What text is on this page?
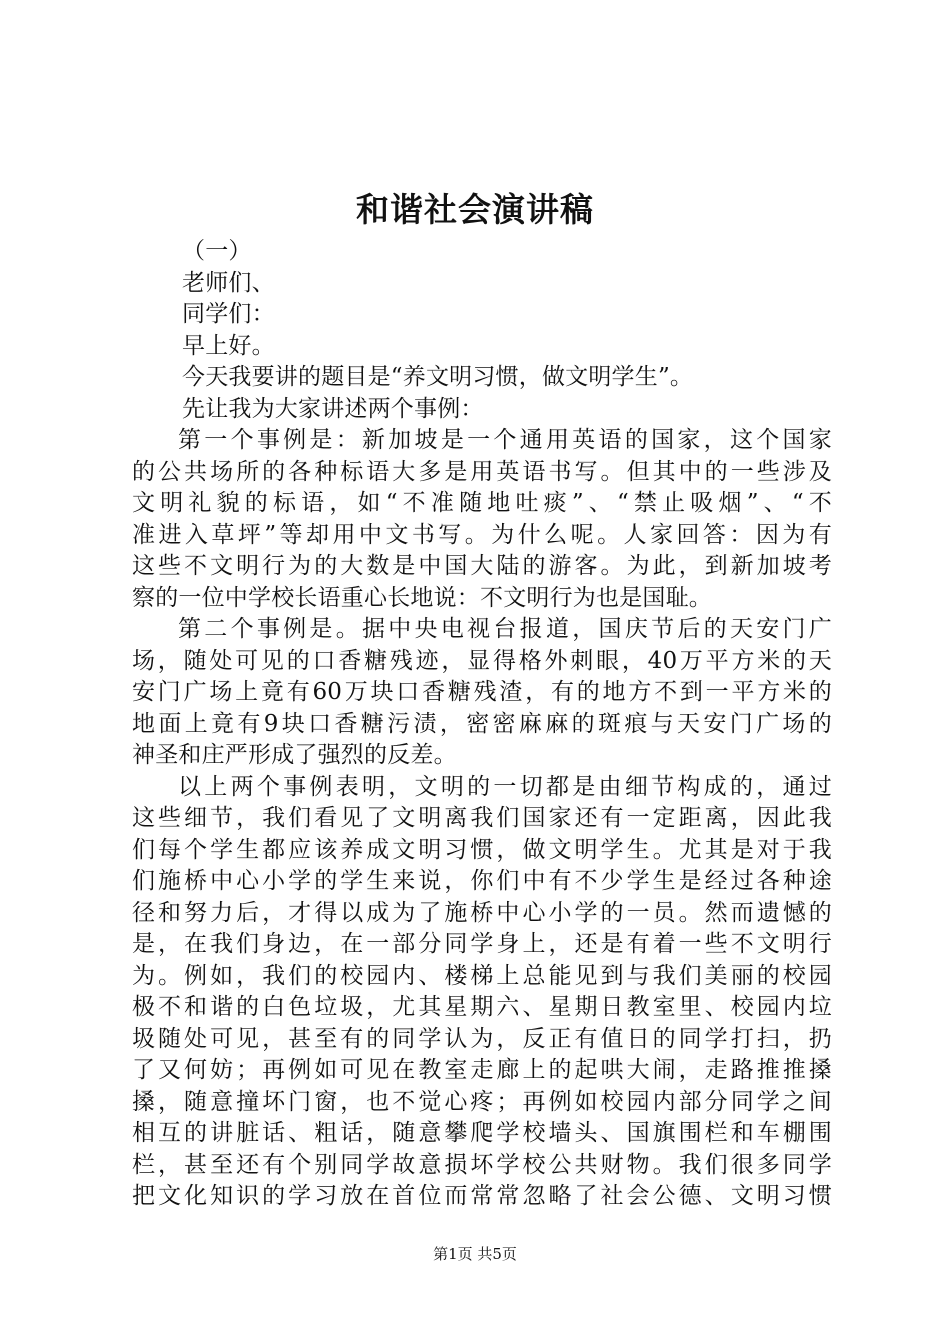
和谐社会演讲稿
（一）
老师们、
同学们：
早上好。
今天我要讲的题目是“养文明习惯，做文明学生”。
先让我为大家讲述两个事例：
第一个事例是：新加坡是一个通用英语的国家，这个国家
的公共场所的各种标语大多是用英语书写。但其中的一些涉及
文明礼貌的标语，如“不准随地吐痰”、“禁止吸烟”、“不
准进入草坪”等却用中文书写。为什么呢。人家回答：因为有
这些不文明行为的大数是中国大陆的游客。为此，到新加坡考
察的一位中学校长语重心长地说：不文明行为也是国耻。
第二个事例是。据中央电视台报道，国庆节后的天安门广
场，随处可见的口香糖残迹，显得格外刺眼，40万平方米的天
安门广场上竟有60万块口香糖残渣，有的地方不到一平方米的
地面上竟有9块口香糖污渍，密密麻麻的斑痕与天安门广场的
神圣和庄严形成了强烈的反差。
以上两个事例表明，文明的一切都是由细节构成的，通过
这些细节，我们看见了文明离我们国家还有一定距离，因此我
们每个学生都应该养成文明习惯，做文明学生。尤其是对于我
们施桥中心小学的学生来说，你们中有不少学生是经过各种途
径和努力后，才得以成为了施桥中心小学的一员。然而遗憾的
是，在我们身边，在一部分同学身上，还是有着一些不文明行
为。例如，我们的校园内、楼梯上总能见到与我们美丽的校园
极不和谐的白色垃圾，尤其星期六、星期日教室里、校园内垃
圾随处可见，甚至有的同学认为，反正有值日的同学打扫，扔
了又何妨；再例如可见在教室走廊上的起哄大闹，走路推推搡
搡，随意撞坏门窗，也不觉心疼；再例如校园内部分同学之间
相互的讲脏话、粗话，随意攀爬学校墙头、国旗围栏和车棚围
栏，甚至还有个别同学故意损坏学校公共财物。我们很多同学
把文化知识的学习放在首位而常常忽略了社会公德、文明习惯
第1页 共5页
